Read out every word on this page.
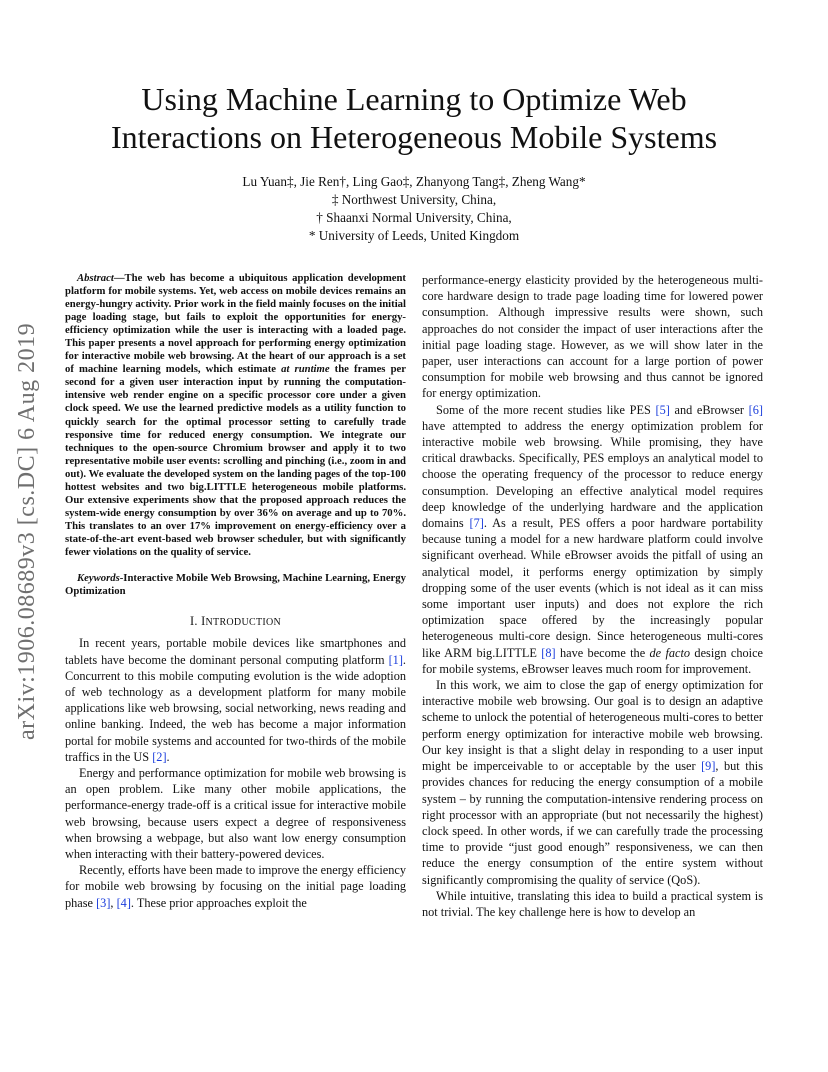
arXiv:1906.08689v3 [cs.DC] 6 Aug 2019
Using Machine Learning to Optimize Web
Interactions on Heterogeneous Mobile Systems
Lu Yuan‡, Jie Ren†, Ling Gao‡, Zhanyong Tang‡, Zheng Wang*
‡ Northwest University, China,
† Shaanxi Normal University, China,
* University of Leeds, United Kingdom

Abstract—The web has become a ubiquitous application development platform for mobile systems. Yet, web access on mobile devices remains an energy-hungry activity. Prior work in the field mainly focuses on the initial page loading stage, but fails to exploit the opportunities for energy-efficiency optimization while the user is interacting with a loaded page. This paper presents a novel approach for performing energy optimization for interactive mobile web browsing. At the heart of our approach is a set of machine learning models, which estimate at runtime the frames per second for a given user interaction input by running the computation-intensive web render engine on a specific processor core under a given clock speed. We use the learned predictive models as a utility function to quickly search for the optimal processor setting to carefully trade responsive time for reduced energy consumption. We integrate our techniques to the open-source Chromium browser and apply it to two representative mobile user events: scrolling and pinching (i.e., zoom in and out). We evaluate the developed system on the landing pages of the top-100 hottest websites and two big.LITTLE heterogeneous mobile platforms. Our extensive experiments show that the proposed approach reduces the system-wide energy consumption by over 36% on average and up to 70%. This translates to an over 17% improvement on energy-efficiency over a state-of-the-art event-based web browser scheduler, but with significantly fewer violations on the quality of service.

Keywords-Interactive Mobile Web Browsing, Machine Learning, Energy Optimization

I. INTRODUCTION

In recent years, portable mobile devices like smartphones and tablets have become the dominant personal computing platform [1]. Concurrent to this mobile computing evolution is the wide adoption of web technology as a development platform for many mobile applications like web browsing, social networking, news reading and online banking. Indeed, the web has become a major information portal for mobile systems and accounted for two-thirds of the mobile traffics in the US [2].

Energy and performance optimization for mobile web browsing is an open problem. Like many other mobile applications, the performance-energy trade-off is a critical issue for interactive mobile web browsing, because users expect a degree of responsiveness when browsing a webpage, but also want low energy consumption when interacting with their battery-powered devices.

Recently, efforts have been made to improve the energy efficiency for mobile web browsing by focusing on the initial page loading phase [3], [4]. These prior approaches exploit the

performance-energy elasticity provided by the heterogeneous multi-core hardware design to trade page loading time for lowered power consumption. Although impressive results were shown, such approaches do not consider the impact of user interactions after the initial page loading stage. However, as we will show later in the paper, user interactions can account for a large portion of power consumption for mobile web browsing and thus cannot be ignored for energy optimization.

Some of the more recent studies like PES [5] and eBrowser [6] have attempted to address the energy optimization problem for interactive mobile web browsing. While promising, they have critical drawbacks. Specifically, PES employs an analytical model to choose the operating frequency of the processor to reduce energy consumption. Developing an effective analytical model requires deep knowledge of the underlying hardware and the application domains [7]. As a result, PES offers a poor hardware portability because tuning a model for a new hardware platform could involve significant overhead. While eBrowser avoids the pitfall of using an analytical model, it performs energy optimization by simply dropping some of the user events (which is not ideal as it can miss some important user inputs) and does not explore the rich optimization space offered by the increasingly popular heterogeneous multi-core design. Since heterogeneous multi-cores like ARM big.LITTLE [8] have become the de facto design choice for mobile systems, eBrowser leaves much room for improvement.

In this work, we aim to close the gap of energy optimization for interactive mobile web browsing. Our goal is to design an adaptive scheme to unlock the potential of heterogeneous multi-cores to better perform energy optimization for interactive mobile web browsing. Our key insight is that a slight delay in responding to a user input might be imperceivable to or acceptable by the user [9], but this provides chances for reducing the energy consumption of a mobile system – by running the computation-intensive rendering process on right processor with an appropriate (but not necessarily the highest) clock speed. In other words, if we can carefully trade the processing time to provide “just good enough” responsiveness, we can then reduce the energy consumption of the entire system without significantly compromising the quality of service (QoS).

While intuitive, translating this idea to build a practical system is not trivial. The key challenge here is how to develop an
